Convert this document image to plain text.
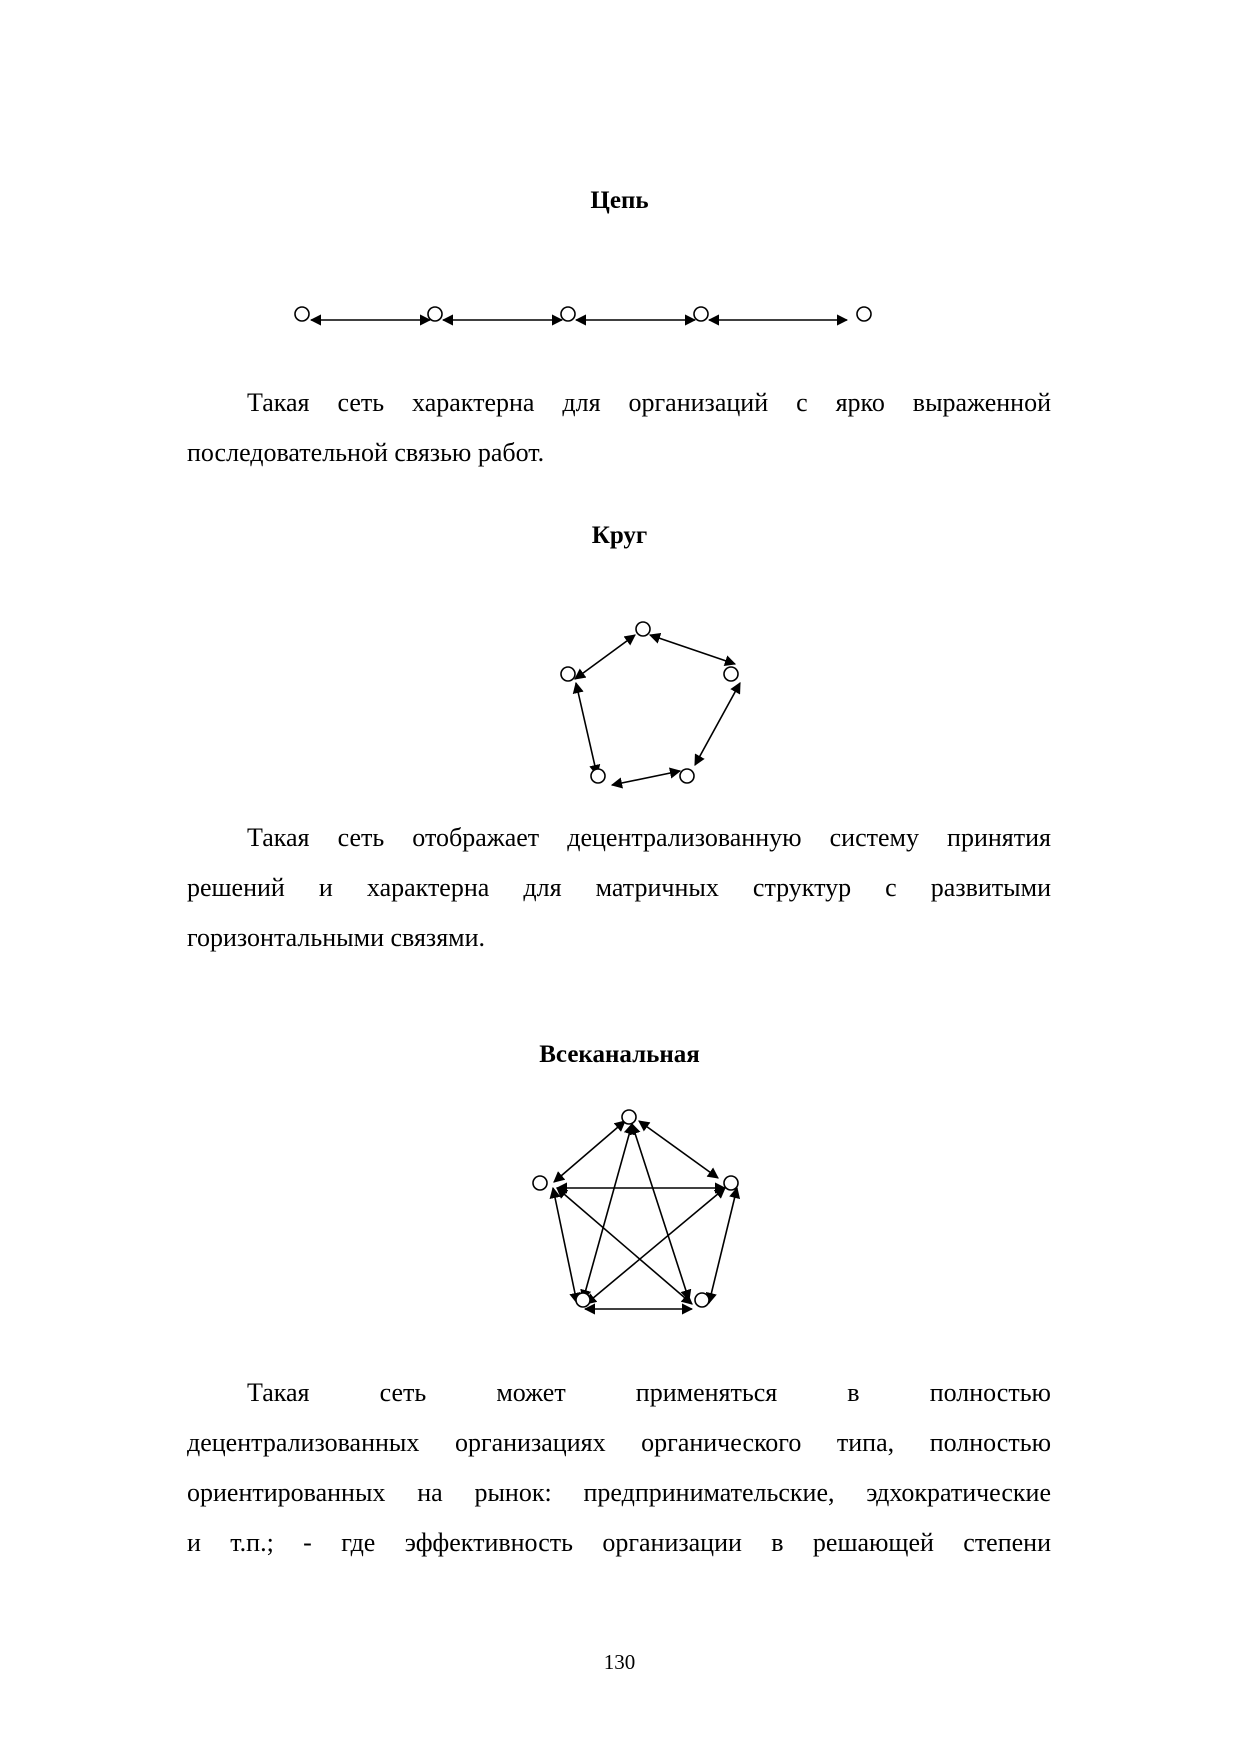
Цепь
Такая сеть характерна для организаций с ярко выраженной
последовательной связью работ.
Круг
Такая сеть отображает децентрализованную систему принятия
решений и характерна для матричных структур с развитыми
горизонтальными связями.
Всеканальная
Такая сеть может применяться в полностью
децентрализованных организациях органического типа, полностью
ориентированных на рынок: предпринимательские, эдхократические
и т.п.; - где эффективность организации в решающей степени
130
